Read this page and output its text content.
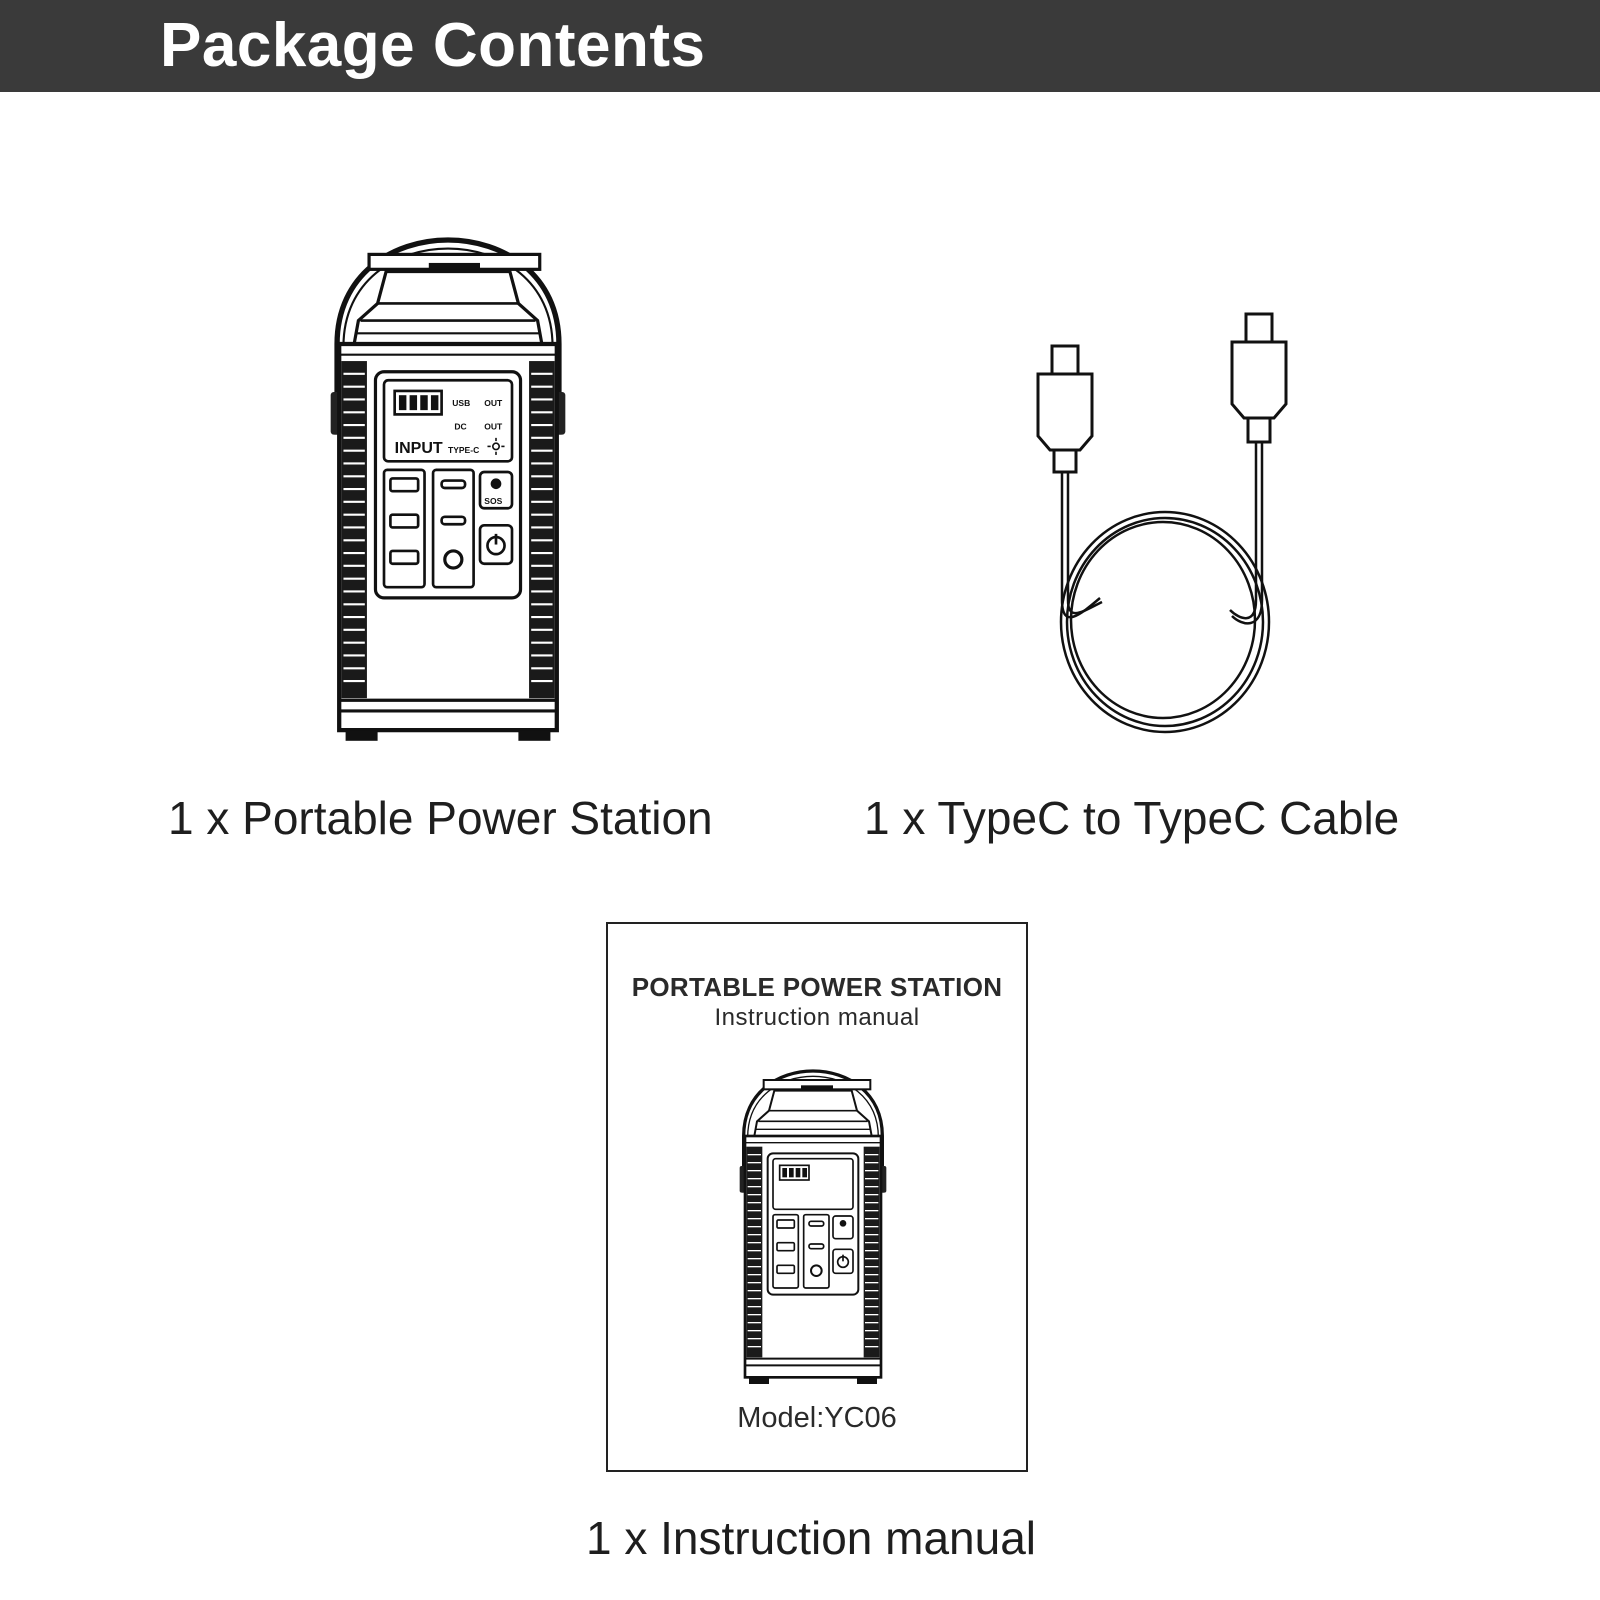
Package Contents
INPUT TYPE-C
USB
DC
OUT
OUT
SOS
1 x Portable Power Station	1 x TypeC to TypeC Cable
PORTABLE POWER STATION
Instruction manual
Model:YC06
1 x Instruction manual
